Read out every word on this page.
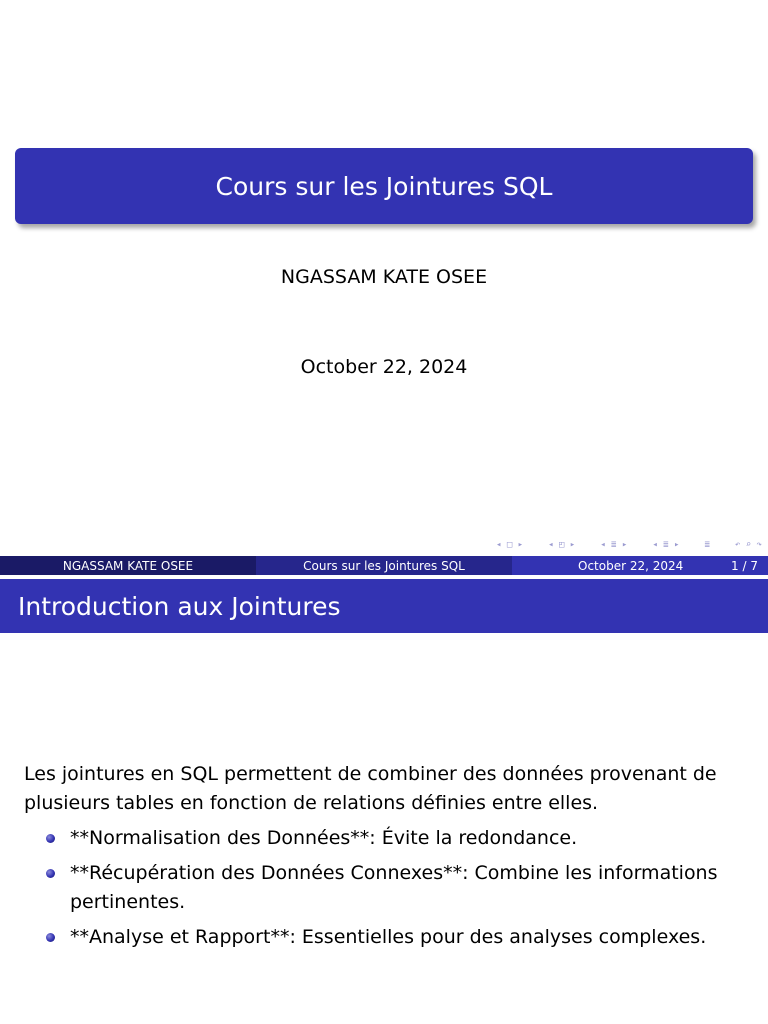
Cours sur les Jointures SQL
NGASSAM KATE OSEE
October 22, 2024
◂ □ ▸	◂ ◰ ▸	◂ ≣ ▸	◂ ≣ ▸	≣	↶ ⌕ ↷
NGASSAM KATE OSEE	Cours sur les Jointures SQL	October 22, 2024	1 / 7
Introduction aux Jointures
Les jointures en SQL permettent de combiner des données provenant de plusieurs tables en fonction de relations définies entre elles.
**Normalisation des Données**: Évite la redondance.
**Récupération des Données Connexes**: Combine les informations pertinentes.
**Analyse et Rapport**: Essentielles pour des analyses complexes.
